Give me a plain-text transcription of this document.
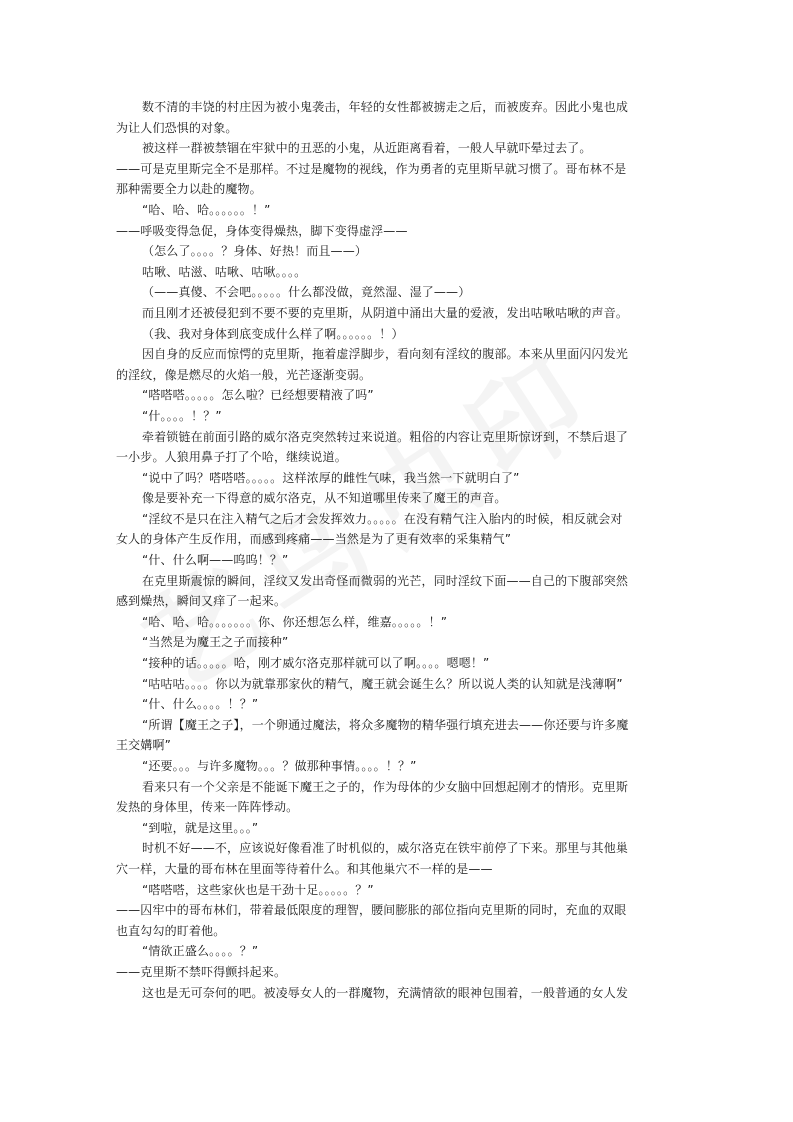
数不清的丰饶的村庄因为被小鬼袭击，年轻的女性都被掳走之后，而被废弃。因此小鬼也成
为让人们恐惧的对象。
被这样一群被禁锢在牢狱中的丑恶的小鬼，从近距离看着，一般人早就吓晕过去了。
——可是克里斯完全不是那样。不过是魔物的视线，作为勇者的克里斯早就习惯了。哥布林不是
那种需要全力以赴的魔物。
“哈、哈、哈。。。。。。！”
——呼吸变得急促，身体变得燥热，脚下变得虚浮——
（怎么了。。。。？身体、好热！而且——）
咕啾、咕滋、咕啾、咕啾。。。。
（——真傻、不会吧。。。。。什么都没做，竟然湿、湿了——）
而且刚才还被侵犯到不要不要的克里斯，从阴道中涌出大量的爱液，发出咕啾咕啾的声音。
（我、我对身体到底变成什么样了啊。。。。。。！）
因自身的反应而惊愕的克里斯，拖着虚浮脚步，看向刻有淫纹的腹部。本来从里面闪闪发光
的淫纹，像是燃尽的火焰一般，光芒逐渐变弱。
“嗒嗒嗒。。。。。怎么啦？已经想要精液了吗”
“什。。。。！？”
牵着锁链在前面引路的威尔洛克突然转过来说道。粗俗的内容让克里斯惊讶到，不禁后退了
一小步。人狼用鼻子打了个哈，继续说道。
“说中了吗？嗒嗒嗒。。。。。这样浓厚的雌性气味，我当然一下就明白了”
像是要补充一下得意的威尔洛克，从不知道哪里传来了魔王的声音。
“淫纹不是只在注入精气之后才会发挥效力。。。。。在没有精气注入胎内的时候，相反就会对
女人的身体产生反作用，而感到疼痛——当然是为了更有效率的采集精气”
“什、什么啊——呜呜！？”
在克里斯震惊的瞬间，淫纹又发出奇怪而微弱的光芒，同时淫纹下面——自己的下腹部突然
感到燥热，瞬间又痒了一起来。
“哈、哈、哈。。。。。。。你、你还想怎么样，维嘉。。。。。！”
“当然是为魔王之子而接种”
“接种的话。。。。。哈，刚才威尔洛克那样就可以了啊。。。。嗯嗯！”
“咕咕咕。。。。你以为就靠那家伙的精气，魔王就会诞生么？所以说人类的认知就是浅薄啊”
“什、什么。。。。！？”
“所谓【魔王之子】，一个卵通过魔法，将众多魔物的精华强行填充进去——你还要与许多魔
王交媾啊”
“还要。。。与许多魔物。。。？做那种事情。。。。！？”
看来只有一个父亲是不能诞下魔王之子的，作为母体的少女脑中回想起刚才的情形。克里斯
发热的身体里，传来一阵阵悸动。
“到啦，就是这里。。。”
时机不好——不，应该说好像看准了时机似的，威尔洛克在铁牢前停了下来。那里与其他巢
穴一样，大量的哥布林在里面等待着什么。和其他巢穴不一样的是——
“嗒嗒嗒，这些家伙也是干劲十足。。。。。？”
——囚牢中的哥布林们，带着最低限度的理智，腰间膨胀的部位指向克里斯的同时，充血的双眼
也直勾勾的盯着他。
“情欲正盛么。。。。？”
——克里斯不禁吓得颤抖起来。
这也是无可奈何的吧。被凌辱女人的一群魔物，充满情欲的眼神包围着，一般普通的女人发
